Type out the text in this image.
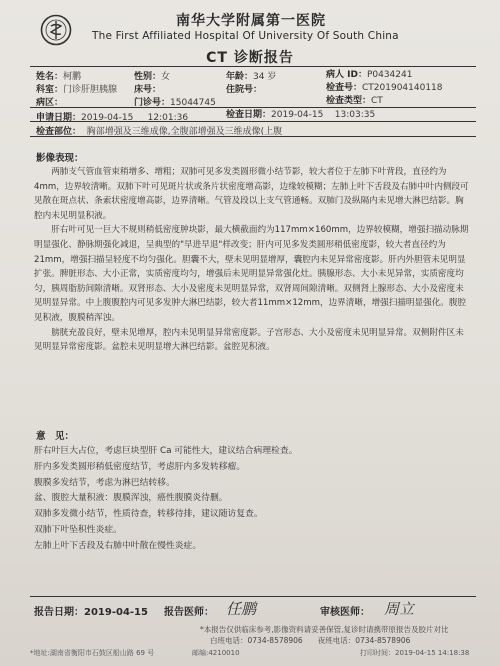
南华大学附属第一医院
The First Affiliated Hospital Of University Of South China
CT 诊断报告
姓名：柯鹏	性别：女	年龄：34 岁	病人 ID：P0434241
科室：门诊肝胆胰腺 床号：	住院号：	检查号：CT201904140118
病区：	门诊号：15044745	检查类型：CT
申请日期：2019-04-15 12:01:36	检查日期：2019-04-15 13:03:35
检查部位： 胸部增强及三维成像,全腹部增强及三维成像(上腹
影像表现：

两肺支气管血管束稍增多、增粗；双肺可见多发类圆形微小结节影，较大者位于左肺下叶背段，直径约为4mm，边界较清晰。双肺下叶可见斑片状或条片状密度增高影，边缘较模糊；左肺上叶下舌段及右肺中叶内侧段可见散在斑点状、条索状密度增高影，边界清晰。气管及段以上支气管通畅。双肺门及纵隔内未见增大淋巴结影。胸腔内未见明显积液。

肝右叶可见一巨大不规则稍低密度肿块影，最大横截面约为117mm×160mm，边界较模糊，增强扫描动脉期明显强化、静脉期强化减退，呈典型的"早进早退"样改变；肝内可见多发类圆形稍低密度影，较大者直径约为21mm，增强扫描呈轻度不均匀强化。胆囊不大，壁未见明显增厚，囊腔内未见异常密度影。肝内外胆管未见明显扩张。脾脏形态、大小正常，实质密度均匀，增强后未见明显异常强化灶。胰腺形态、大小未见异常，实质密度均匀，胰周脂肪间隙清晰。双肾形态、大小及密度未见明显异常，双肾周间隙清晰。双侧肾上腺形态、大小及密度未见明显异常。中上腹腹腔内可见多发肿大淋巴结影，较大者11mm×12mm，边界清晰，增强扫描明显强化。腹腔见积液，腹膜稍浑浊。

膀胱充盈良好，壁未见增厚，腔内未见明显异常密度影。子宫形态、大小及密度未见明显异常。双侧附件区未见明显异常密度影。盆腔未见明显增大淋巴结影。盆腔见积液。

意　见：
肝右叶巨大占位，考虑巨块型肝 Ca 可能性大，建议结合病理检查。
肝内多发类圆形稍低密度结节，考虑肝内多发转移瘤。
腹膜多发结节，考虑为淋巴结转移。
盆、腹腔大量积液：腹膜浑浊，癌性腹膜炎待删。
双肺多发微小结节，性质待查，转移待排，建议随访复查。
双肺下叶坠积性炎症。
左肺上叶下舌段及右肺中叶散在慢性炎症。
报告日期：2019-04-15 报告医师： 任鹏	审核医师： 周立
*本报告仅供临床参考,影像资料请妥善保管,复诊时请携带原报告及胶片对比
白班电话：0734-8578906　　夜班电话：0734-8578906
*地址:湖南省衡阳市石鼓区船山路 69 号	邮编:4210010	打印时间：2019-04-15 14:18:38
